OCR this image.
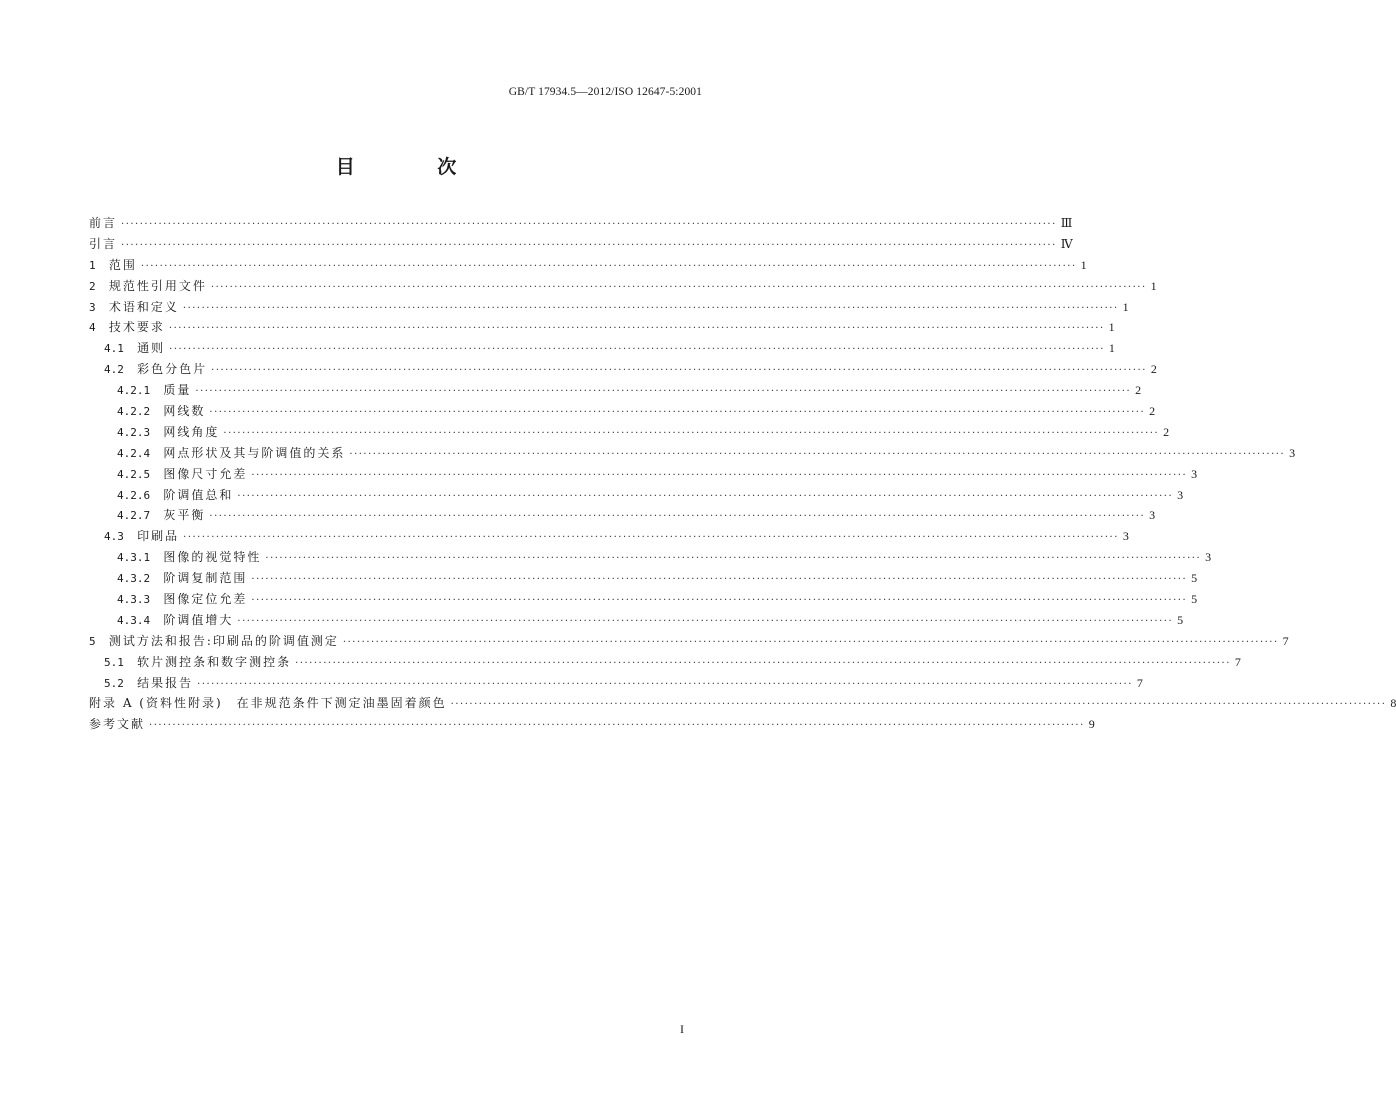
GB/T 17934.5—2012/ISO 12647-5:2001
目 次
前言 ········································································································································································································ Ⅲ
引言 ········································································································································································································ Ⅳ
1
范围 ········································································································································································································ 1
2
规范性引用文件 ········································································································································································································ 1
3
术语和定义 ········································································································································································································ 1
4
技术要求 ········································································································································································································ 1
4.1
通则 ········································································································································································································ 1
4.2
彩色分色片 ········································································································································································································ 2
4.2.1
质量 ········································································································································································································ 2
4.2.2
网线数 ········································································································································································································ 2
4.2.3
网线角度 ········································································································································································································ 2
4.2.4
网点形状及其与阶调值的关系 ········································································································································································································ 3
4.2.5
图像尺寸允差 ········································································································································································································ 3
4.2.6
阶调值总和 ········································································································································································································ 3
4.2.7
灰平衡 ········································································································································································································ 3
4.3
印刷品 ········································································································································································································ 3
4.3.1
图像的视觉特性 ········································································································································································································ 3
4.3.2
阶调复制范围 ········································································································································································································ 5
4.3.3
图像定位允差 ········································································································································································································ 5
4.3.4
阶调值增大 ········································································································································································································ 5
5
测试方法和报告:印刷品的阶调值测定 ········································································································································································································ 7
5.1
软片测控条和数字测控条 ········································································································································································································ 7
5.2
结果报告 ········································································································································································································ 7
附录 A (资料性附录)　在非规范条件下测定油墨固着颜色 ········································································································································································································ 8
参考文献 ········································································································································································································ 9
I
